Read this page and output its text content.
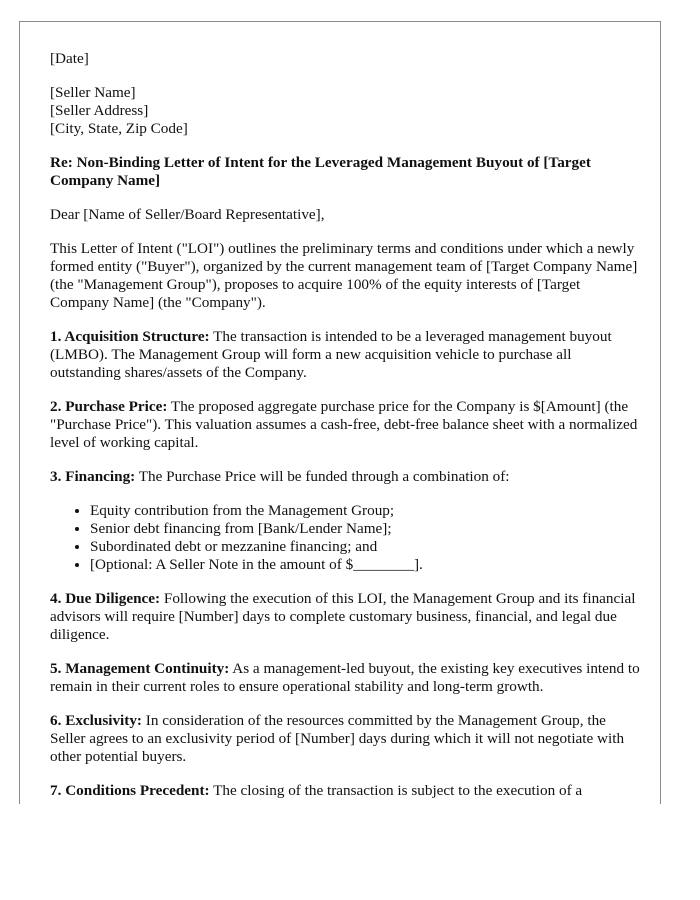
[Date]

[Seller Name]
[Seller Address]
[City, State, Zip Code]

Re: Non-Binding Letter of Intent for the Leveraged Management Buyout of [Target Company Name]

Dear [Name of Seller/Board Representative],

This Letter of Intent ("LOI") outlines the preliminary terms and conditions under which a newly formed entity ("Buyer"), organized by the current management team of [Target Company Name] (the "Management Group"), proposes to acquire 100% of the equity interests of [Target Company Name] (the "Company").

1. Acquisition Structure: The transaction is intended to be a leveraged management buyout (LMBO). The Management Group will form a new acquisition vehicle to purchase all outstanding shares/assets of the Company.

2. Purchase Price: The proposed aggregate purchase price for the Company is $[Amount] (the "Purchase Price"). This valuation assumes a cash-free, debt-free balance sheet with a normalized level of working capital.

3. Financing: The Purchase Price will be funded through a combination of:

• Equity contribution from the Management Group;
• Senior debt financing from [Bank/Lender Name];
• Subordinated debt or mezzanine financing; and
• [Optional: A Seller Note in the amount of $________].

4. Due Diligence: Following the execution of this LOI, the Management Group and its financial advisors will require [Number] days to complete customary business, financial, and legal due diligence.

5. Management Continuity: As a management-led buyout, the existing key executives intend to remain in their current roles to ensure operational stability and long-term growth.

6. Exclusivity: In consideration of the resources committed by the Management Group, the Seller agrees to an exclusivity period of [Number] days during which it will not negotiate with other potential buyers.

7. Conditions Precedent: The closing of the transaction is subject to the execution of a
